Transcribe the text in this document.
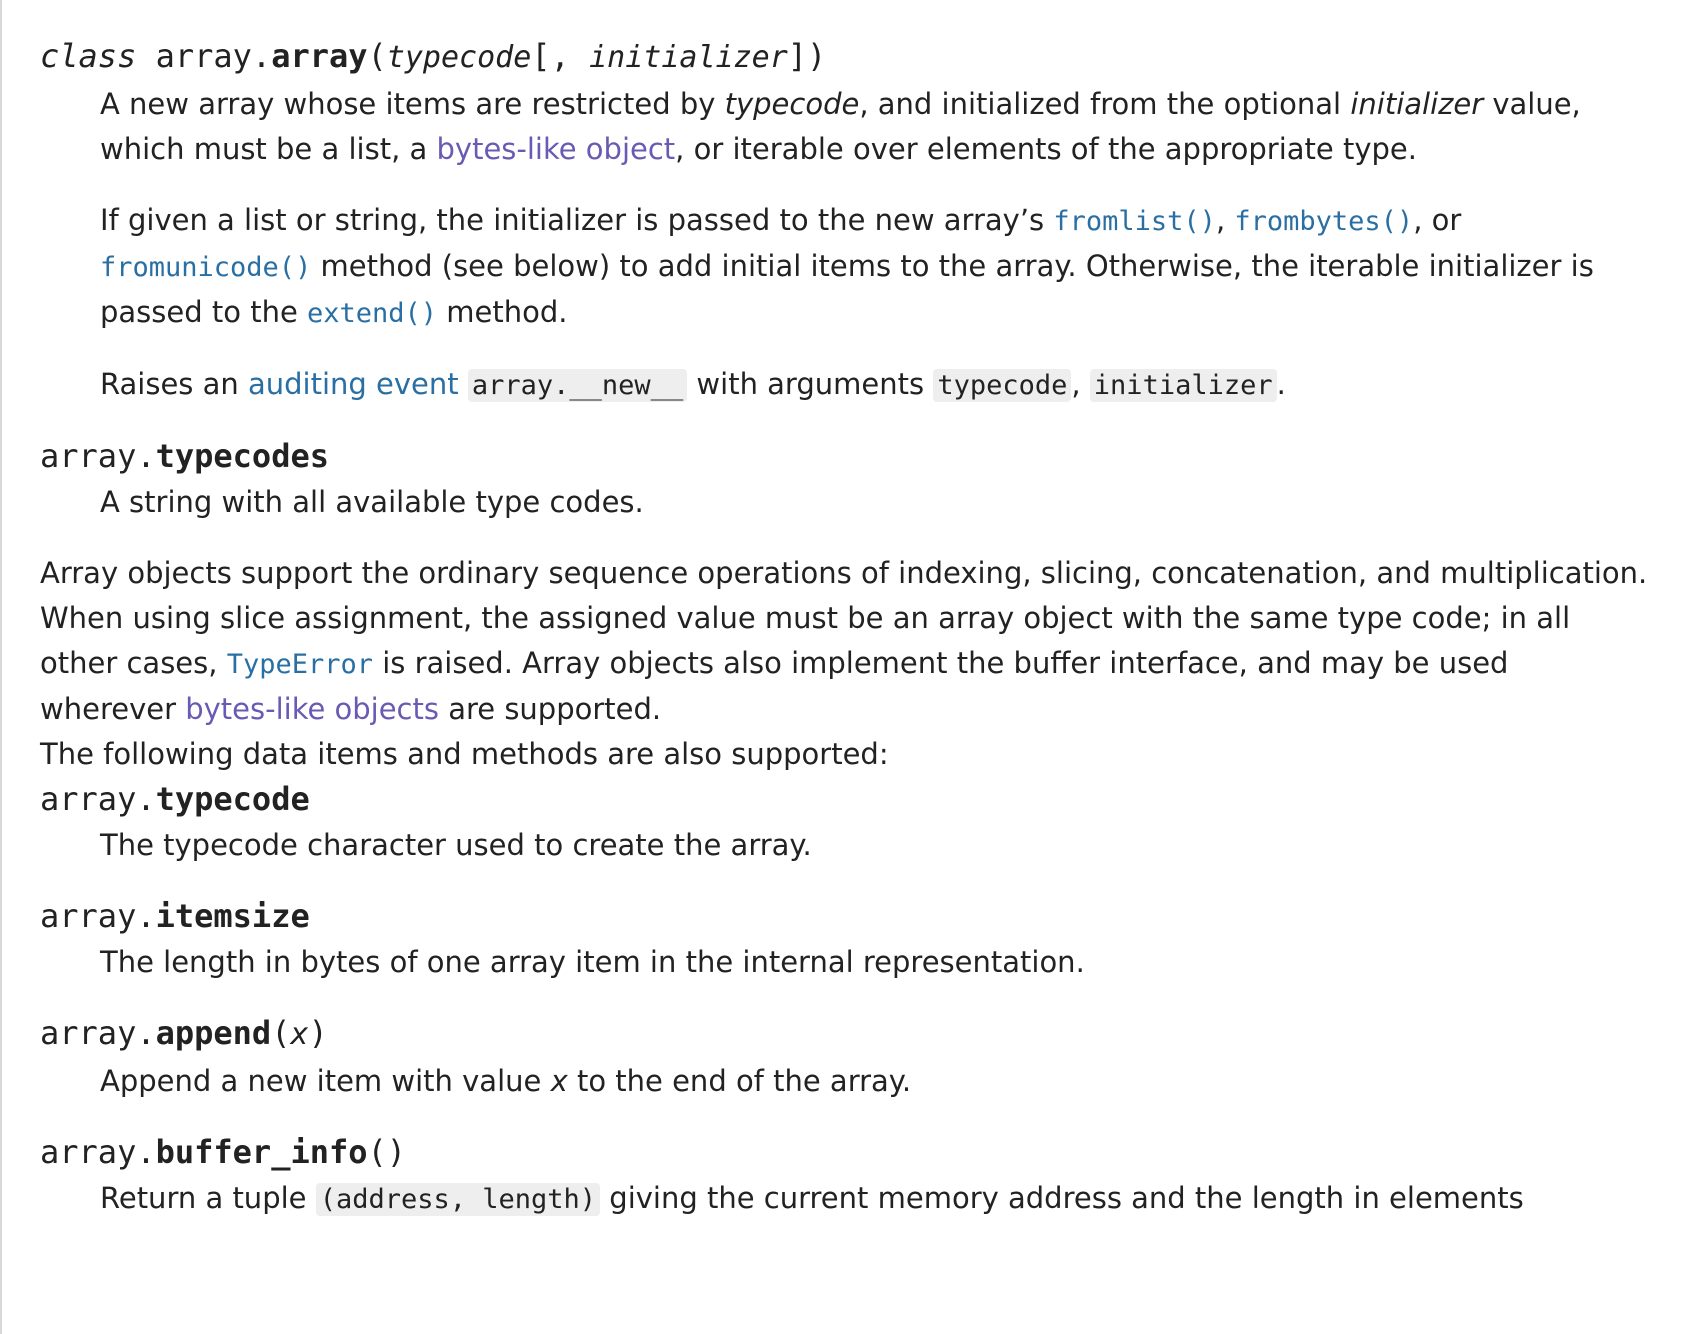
class array.array(typecode[, initializer])

A new array whose items are restricted by typecode, and initialized from the optional initializer value, which must be a list, a bytes-like object, or iterable over elements of the appropriate type.

If given a list or string, the initializer is passed to the new array’s fromlist(), frombytes(), or fromunicode() method (see below) to add initial items to the array. Otherwise, the iterable initializer is passed to the extend() method.

Raises an auditing event array.__new__ with arguments typecode , initializer .

array.typecodes

A string with all available type codes.

Array objects support the ordinary sequence operations of indexing, slicing, concatenation, and multiplication. When using slice assignment, the assigned value must be an array object with the same type code; in all other cases, TypeError is raised. Array objects also implement the buffer interface, and may be used wherever bytes-like objects are supported.

The following data items and methods are also supported:

array.typecode

The typecode character used to create the array.

array.itemsize

The length in bytes of one array item in the internal representation.

array.append(x)

Append a new item with value x to the end of the array.

array.buffer_info()

Return a tuple (address, length) giving the current memory address and the length in elements
